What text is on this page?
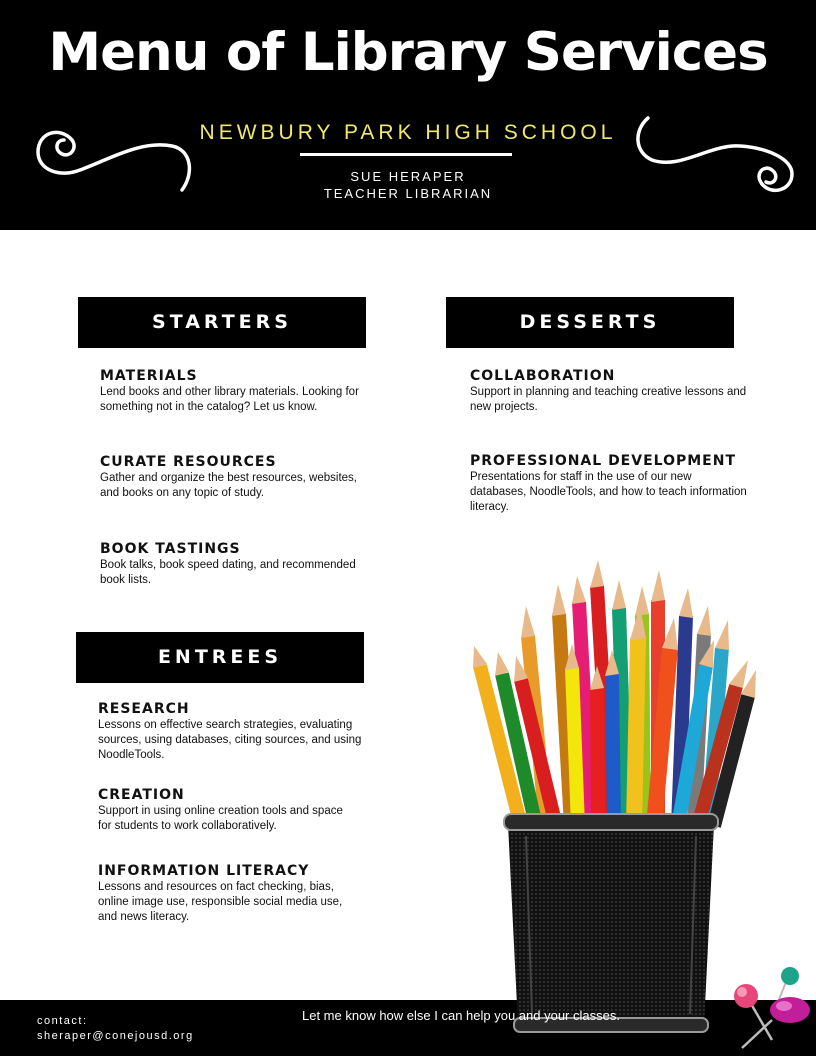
Menu of Library Services
NEWBURY PARK HIGH SCHOOL
SUE HERAPER
TEACHER LIBRARIAN
STARTERS
MATERIALS

Lend books and other library materials. Looking for something not in the catalog? Let us know.

CURATE RESOURCES

Gather and organize the best resources, websites, and books on any topic of study.

BOOK TASTINGS

Book talks, book speed dating, and recommended book lists.

DESSERTS
COLLABORATION

Support in planning and teaching creative lessons and new projects.

PROFESSIONAL DEVELOPMENT

Presentations for staff in the use of our new databases, NoodleTools, and how to teach information literacy.

ENTREES
RESEARCH

Lessons on effective search strategies, evaluating sources, using databases, citing sources, and using NoodleTools.

CREATION

Support in using online creation tools and space for students to work collaboratively.

INFORMATION LITERACY

Lessons and resources on fact checking, bias, online image use, responsible social media use, and news literacy.

contact:
sheraper@conejousd.org
Let me know how else I can help you and your classes.
